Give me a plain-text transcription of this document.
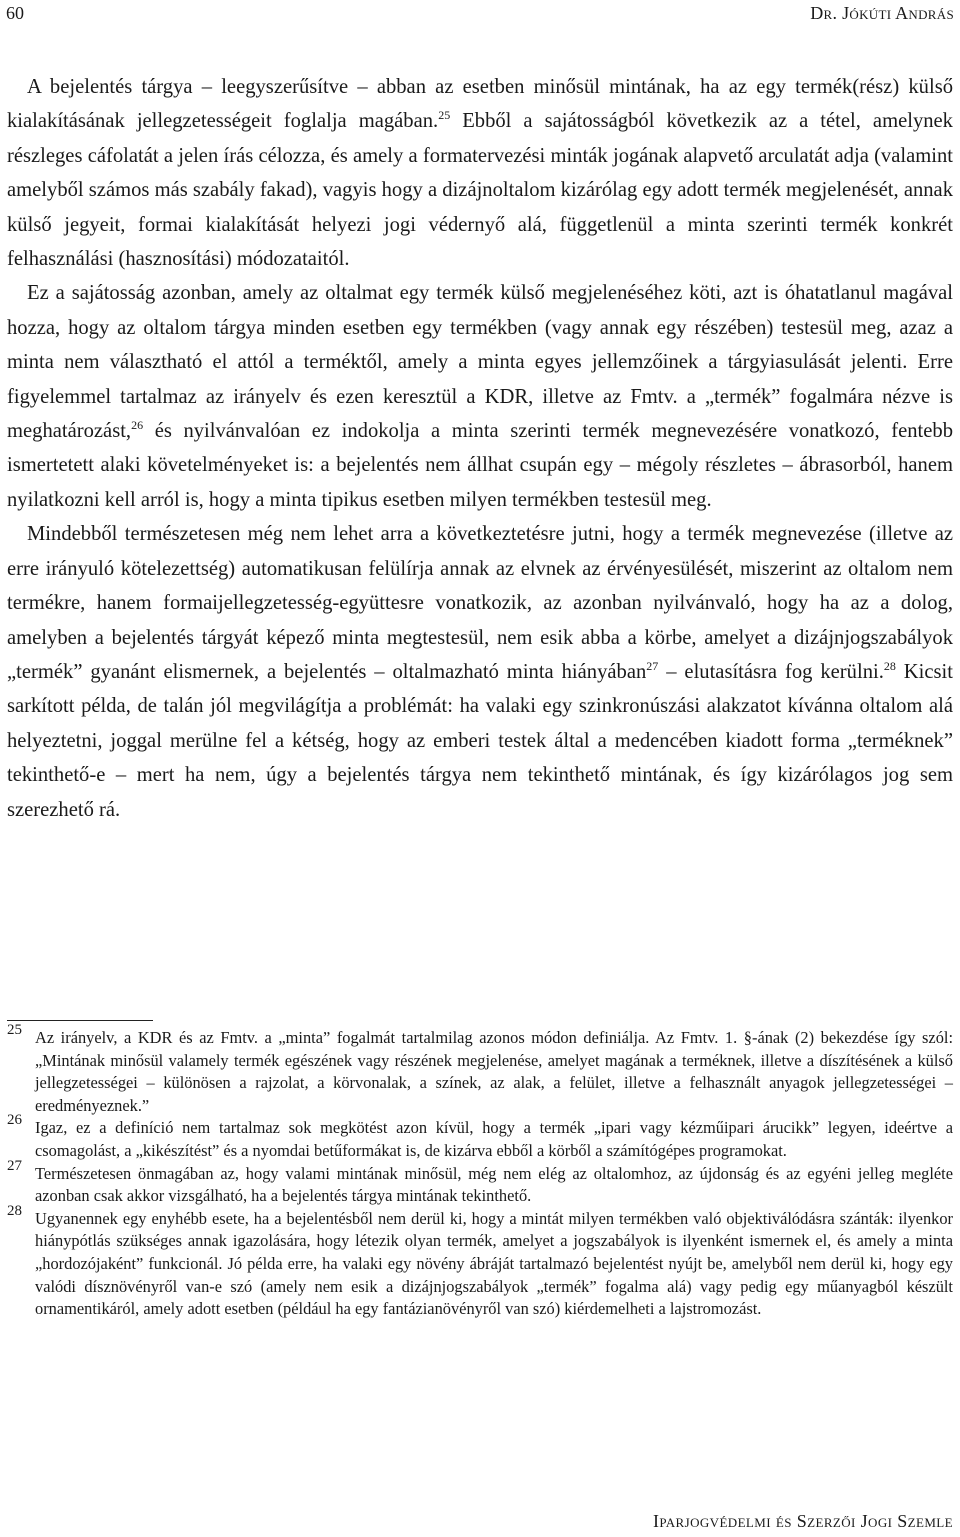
60	Dr. Jókúti András

A bejelentés tárgya – leegyszerűsítve – abban az esetben minősül mintának, ha az egy termék(rész) külső kialakításának jellegzetességeit foglalja magában.$^{25}$ Ebből a sajátosságból következik az a tétel, amelynek részleges cáfolatát a jelen írás célozza, és amely a formatervezési minták jogának alapvető arculatát adja (valamint amelyből számos más szabály fakad), vagyis hogy a dizájnoltalom kizárólag egy adott termék megjelenését, annak külső jegyeit, formai kialakítását helyezi jogi védernyő alá, függetlenül a minta szerinti termék konkrét felhasználási (hasznosítási) módozataitól.

Ez a sajátosság azonban, amely az oltalmat egy termék külső megjelenéséhez köti, azt is óhatatlanul magával hozza, hogy az oltalom tárgya minden esetben egy termékben (vagy annak egy részében) testesül meg, azaz a minta nem választható el attól a terméktől, amely a minta egyes jellemzőinek a tárgyiasulását jelenti. Erre figyelemmel tartalmaz az irányelv és ezen keresztül a KDR, illetve az Fmtv. a „termék” fogalmára nézve is meghatározást,$^{26}$ és nyilvánvalóan ez indokolja a minta szerinti termék megnevezésére vonatkozó, fentebb ismertetett alaki követelményeket is: a bejelentés nem állhat csupán egy – mégoly részletes – ábrasorból, hanem nyilatkozni kell arról is, hogy a minta tipikus esetben milyen termékben testesül meg.

Mindebből természetesen még nem lehet arra a következtetésre jutni, hogy a termék megnevezése (illetve az erre irányuló kötelezettség) automatikusan felülírja annak az elvnek az érvényesülését, miszerint az oltalom nem termékre, hanem formaijellegzetesség-együttesre vonatkozik, az azonban nyilvánvaló, hogy ha az a dolog, amelyben a bejelentés tárgyát képező minta megtestesül, nem esik abba a körbe, amelyet a dizájnjogszabályok „termék” gyanánt elismernek, a bejelentés – oltalmazható minta hiányában$^{27}$ – elutasításra fog kerülni.$^{28}$ Kicsit sarkított példa, de talán jól megvilágítja a problémát: ha valaki egy szinkronúszási alakzatot kívánna oltalom alá helyeztetni, joggal merülne fel a kétség, hogy az emberi testek által a medencében kiadott forma „terméknek” tekinthető-e – mert ha nem, úgy a bejelentés tárgya nem tekinthető mintának, és így kizárólagos jog sem szerezhető rá.

25 Az irányelv, a KDR és az Fmtv. a „minta” fogalmát tartalmilag azonos módon definiálja. Az Fmtv. 1. §-ának (2) bekezdése így szól: „Mintának minősül valamely termék egészének vagy részének megjelenése, amelyet magának a terméknek, illetve a díszítésének a külső jellegzetességei – különösen a rajzolat, a körvonalak, a színek, az alak, a felület, illetve a felhasznált anyagok jellegzetességei – eredményeznek.”
26 Igaz, ez a definíció nem tartalmaz sok megkötést azon kívül, hogy a termék „ipari vagy kézműipari árucikk” legyen, ideértve a csomagolást, a „kikészítést” és a nyomdai betűformákat is, de kizárva ebből a körből a számítógépes programokat.
27 Természetesen önmagában az, hogy valami mintának minősül, még nem elég az oltalomhoz, az újdonság és az egyéni jelleg megléte azonban csak akkor vizsgálható, ha a bejelentés tárgya mintának tekinthető.
28 Ugyanennek egy enyhébb esete, ha a bejelentésből nem derül ki, hogy a mintát milyen termékben való objektiválódásra szánták: ilyenkor hiánypótlás szükséges annak igazolására, hogy létezik olyan termék, amelyet a jogszabályok is ilyenként ismernek el, és amely a minta „hordozójaként” funkcionál. Jó példa erre, ha valaki egy növény ábráját tartalmazó bejelentést nyújt be, amelyből nem derül ki, hogy egy valódi dísznövényről van-e szó (amely nem esik a dizájnjogszabályok „termék” fogalma alá) vagy pedig egy műanyagból készült ornamentikáról, amely adott esetben (például ha egy fantázianövényről van szó) kiérdemelheti a lajstromozást.
Iparjogvédelmi és Szerzői Jogi Szemle
